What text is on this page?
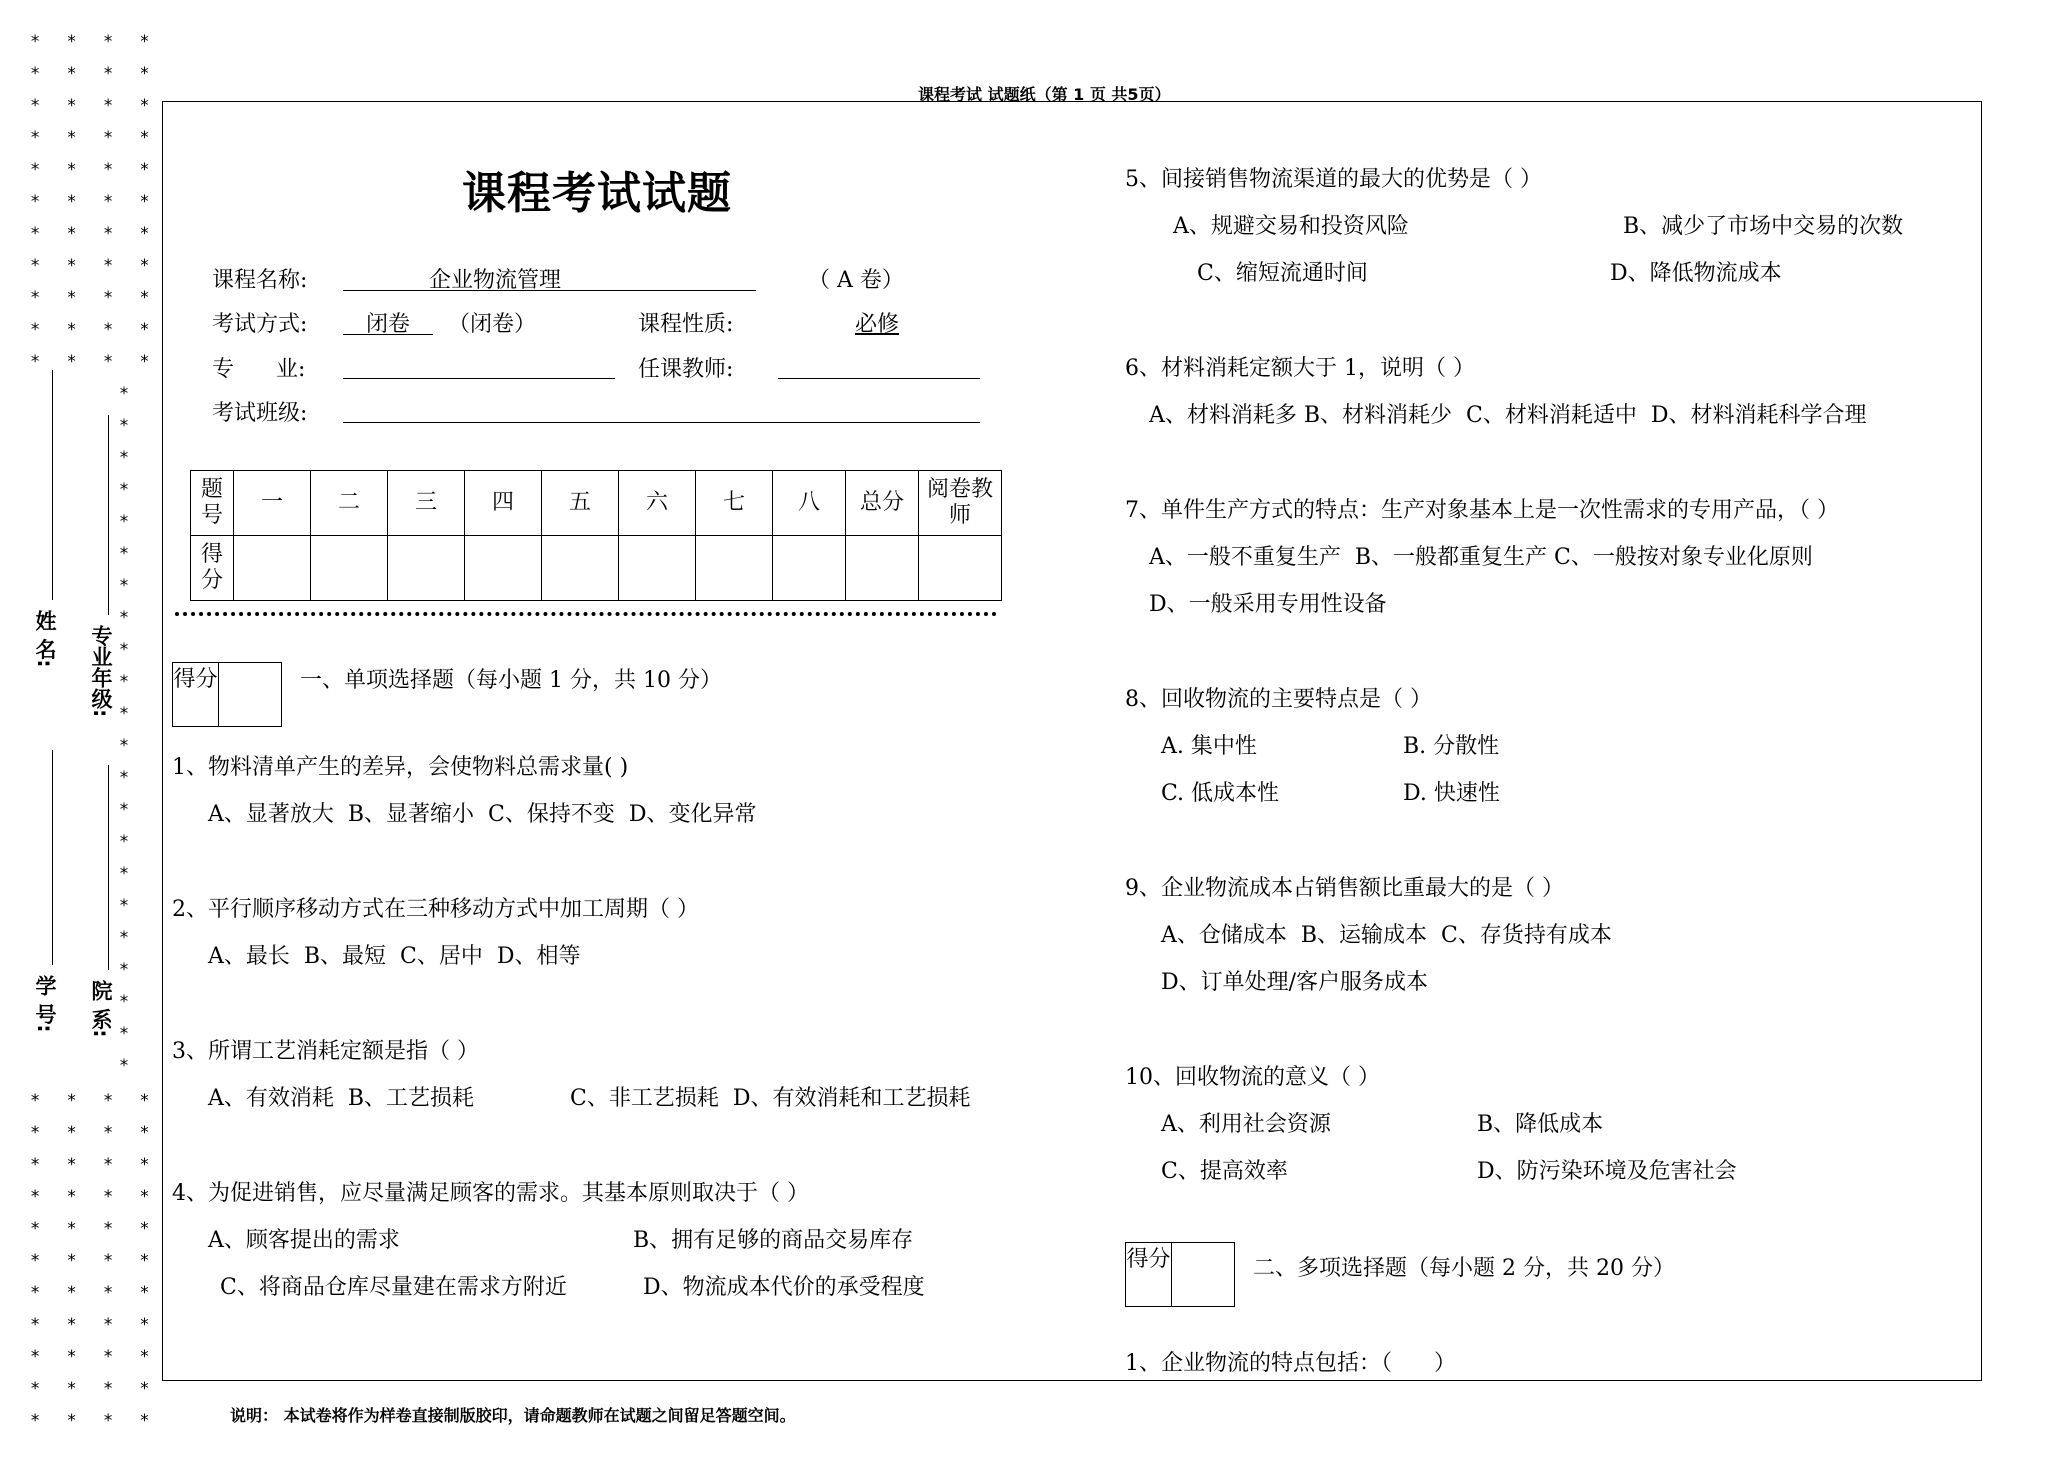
* * * *
* * * *
* * * *
* * * *
* * * *
* * * *
* * * *
* * * *
* * * *
* * * *
* * * *
*
*
*
*
*
*
*
*
*
*
*
*
*
*
*
*
*
*
*
*
*
*
* * * *
* * * *
* * * *
* * * *
* * * *
* * * *
* * * *
* * * *
* * * *
* * * *
* * * *
姓 名:
学 号:
专业年级:
院 系:
课程考试 试题纸（第 1 页 共5页）
说明： 本试卷将作为样卷直接制版胶印，请命题教师在试题之间留足答题空间。
课程考试试题
课程名称:	企业物流管理	（ A 卷）
考试方式:	闭卷 （闭卷）	课程性质:	必修
专      业:	任课教师:
考试班级:
题号	一	二	三	四	五	六	七	八	总分	阅卷教师
得分										
得分	一、单项选择题（每小题 1 分，共 10 分）
1、物料清单产生的差异，会使物料总需求量( )
A、显著放大  B、显著缩小  C、保持不变  D、变化异常
2、平行顺序移动方式在三种移动方式中加工周期（ ）
A、最长  B、最短  C、居中  D、相等
3、所谓工艺消耗定额是指（ ）
A、有效消耗  B、工艺损耗	C、非工艺损耗  D、有效消耗和工艺损耗
4、为促进销售，应尽量满足顾客的需求。其基本原则取决于（ ）
A、顾客提出的需求	B、拥有足够的商品交易库存
C、将商品仓库尽量建在需求方附近	D、物流成本代价的承受程度
5、间接销售物流渠道的最大的优势是（ ）
A、规避交易和投资风险	B、减少了市场中交易的次数
C、缩短流通时间	D、降低物流成本
6、材料消耗定额大于 1，说明（ ）
A、材料消耗多 B、材料消耗少  C、材料消耗适中  D、材料消耗科学合理
7、单件生产方式的特点：生产对象基本上是一次性需求的专用产品，（ ）
A、一般不重复生产  B、一般都重复生产 C、一般按对象专业化原则
D、一般采用专用性设备
8、回收物流的主要特点是（ ）
A. 集中性	B. 分散性
C. 低成本性	D. 快速性
9、企业物流成本占销售额比重最大的是（ ）
A、仓储成本  B、运输成本  C、存货持有成本
D、订单处理/客户服务成本
10、回收物流的意义（ ）
A、利用社会资源	B、降低成本
C、提高效率	D、防污染环境及危害社会
得分	二、多项选择题（每小题 2 分，共 20 分）
1、企业物流的特点包括：（      ）
